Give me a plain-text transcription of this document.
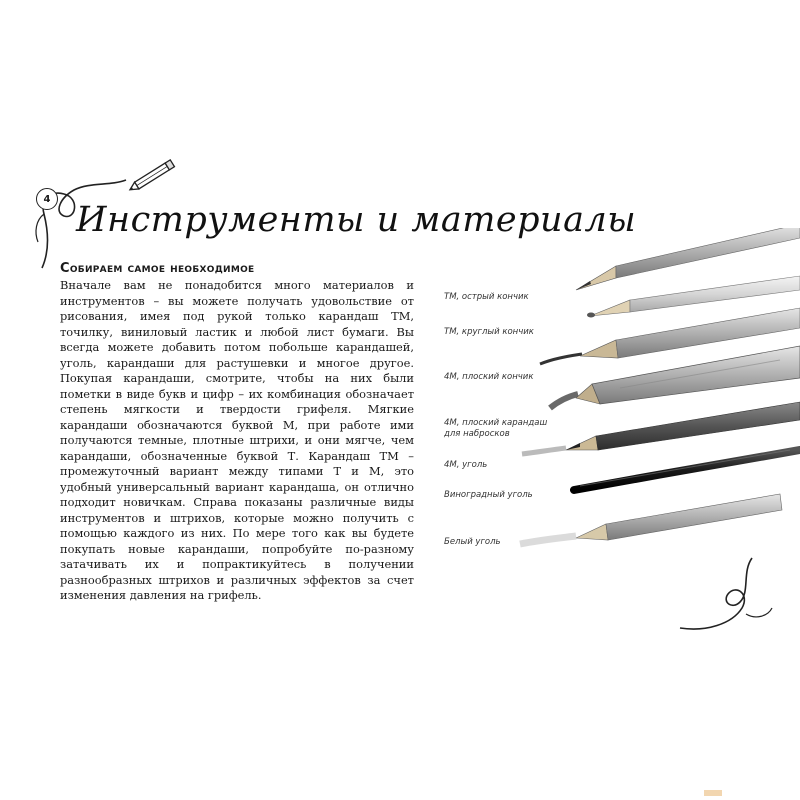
4
Инструменты и материалы
Собираем самое необходимое
Вначале вам не понадобится много материалов и инструментов – вы можете получать удовольствие от рисования, имея под рукой только карандаш ТМ, точилку, виниловый ластик и любой лист бумаги. Вы всегда можете добавить потом побольше карандашей, уголь, карандаши для растушевки и многое другое. Покупая карандаши, смотрите, чтобы на них были пометки в виде букв и цифр – их комбинация обозначает степень мягкости и твердости грифеля. Мягкие карандаши обозначаются буквой М, при работе ими получаются темные, плотные штрихи, и они мягче, чем карандаши, обозначенные буквой Т. Карандаш ТМ – промежуточный вариант между типами Т и М, это удобный универсальный вариант карандаша, он отлично подходит новичкам. Справа показаны различные виды инструментов и штрихов, которые можно получить с помощью каждого из них. По мере того как вы будете покупать новые карандаши, попробуйте по-разному затачивать их и попрактикуйтесь в получении разнообразных штрихов и различных эффектов за счет изменения давления на грифель.
ТМ, острый кончик
ТМ, круглый кончик
4М, плоский кончик
4М, плоский карандаш для набросков
4М, уголь
Виноградный уголь
Белый уголь
